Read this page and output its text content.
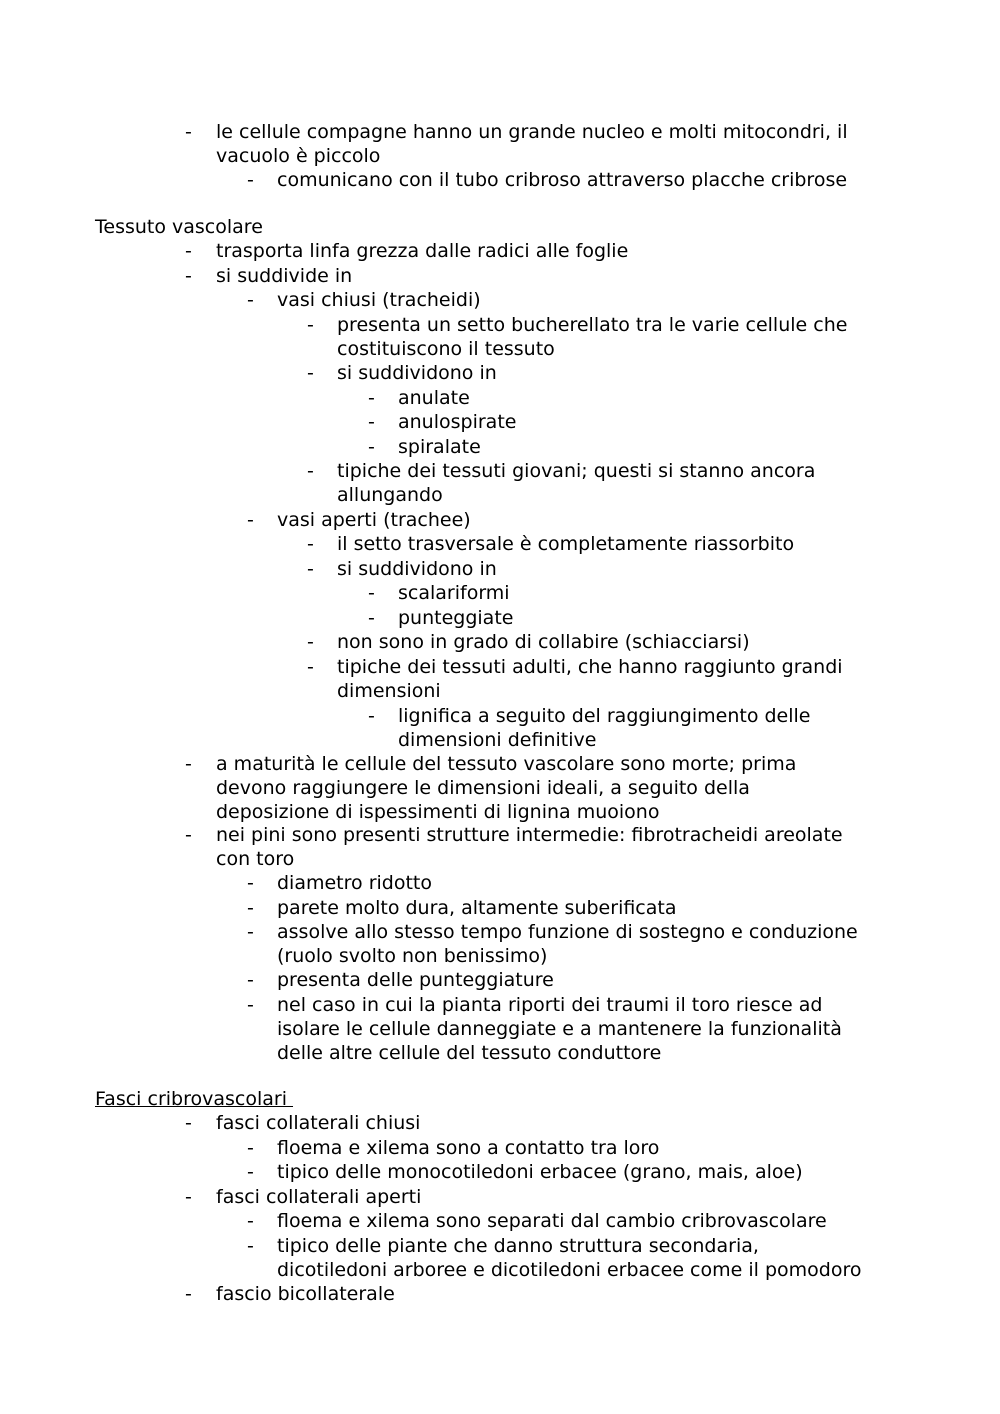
- le cellule compagne hanno un grande nucleo e molti mitocondri, il
vacuolo è piccolo
- comunicano con il tubo cribroso attraverso placche cribrose
Tessuto vascolare
- trasporta linfa grezza dalle radici alle foglie
- si suddivide in
- vasi chiusi (tracheidi)
- presenta un setto bucherellato tra le varie cellule che
costituiscono il tessuto
- si suddividono in
- anulate
- anulospirate
- spiralate
- tipiche dei tessuti giovani; questi si stanno ancora
allungando
- vasi aperti (trachee)
- il setto trasversale è completamente riassorbito
- si suddividono in
- scalariformi
- punteggiate
- non sono in grado di collabire (schiacciarsi)
- tipiche dei tessuti adulti, che hanno raggiunto grandi
dimensioni
- lignifica a seguito del raggiungimento delle
dimensioni definitive
- a maturità le cellule del tessuto vascolare sono morte; prima
devono raggiungere le dimensioni ideali, a seguito della
deposizione di ispessimenti di lignina muoiono
- nei pini sono presenti strutture intermedie: fibrotracheidi areolate
con toro
- diametro ridotto
- parete molto dura, altamente suberificata
- assolve allo stesso tempo funzione di sostegno e conduzione
(ruolo svolto non benissimo)
- presenta delle punteggiature
- nel caso in cui la pianta riporti dei traumi il toro riesce ad
isolare le cellule danneggiate e a mantenere la funzionalità
delle altre cellule del tessuto conduttore
Fasci cribrovascolari
- fasci collaterali chiusi
- floema e xilema sono a contatto tra loro
- tipico delle monocotiledoni erbacee (grano, mais, aloe)
- fasci collaterali aperti
- floema e xilema sono separati dal cambio cribrovascolare
- tipico delle piante che danno struttura secondaria,
dicotiledoni arboree e dicotiledoni erbacee come il pomodoro
- fascio bicollaterale
